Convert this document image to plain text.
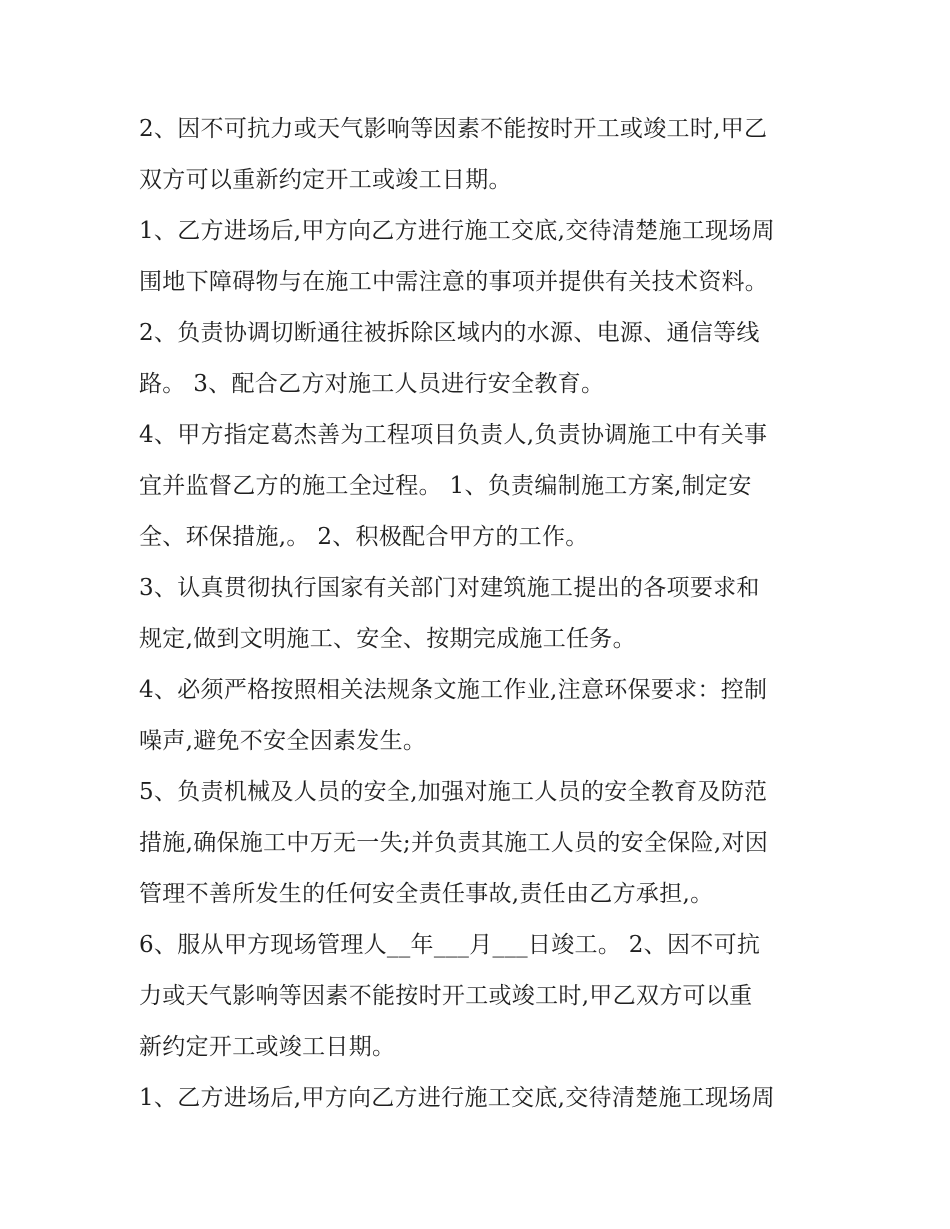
2、因不可抗力或天气影响等因素不能按时开工或竣工时,甲乙
双方可以重新约定开工或竣工日期。
1、乙方进场后,甲方向乙方进行施工交底,交待清楚施工现场周
围地下障碍物与在施工中需注意的事项并提供有关技术资料。
2、负责协调切断通往被拆除区域内的水源、电源、通信等线
路。 3、配合乙方对施工人员进行安全教育。
4、甲方指定葛杰善为工程项目负责人,负责协调施工中有关事
宜并监督乙方的施工全过程。 1、负责编制施工方案,制定安
全、环保措施,。 2、积极配合甲方的工作。
3、认真贯彻执行国家有关部门对建筑施工提出的各项要求和
规定,做到文明施工、安全、按期完成施工任务。
4、必须严格按照相关法规条文施工作业,注意环保要求：控制
噪声,避免不安全因素发生。
5、负责机械及人员的安全,加强对施工人员的安全教育及防范
措施,确保施工中万无一失;并负责其施工人员的安全保险,对因
管理不善所发生的任何安全责任事故,责任由乙方承担,。
6、服从甲方现场管理人__年___月___日竣工。 2、因不可抗
力或天气影响等因素不能按时开工或竣工时,甲乙双方可以重
新约定开工或竣工日期。
1、乙方进场后,甲方向乙方进行施工交底,交待清楚施工现场周
